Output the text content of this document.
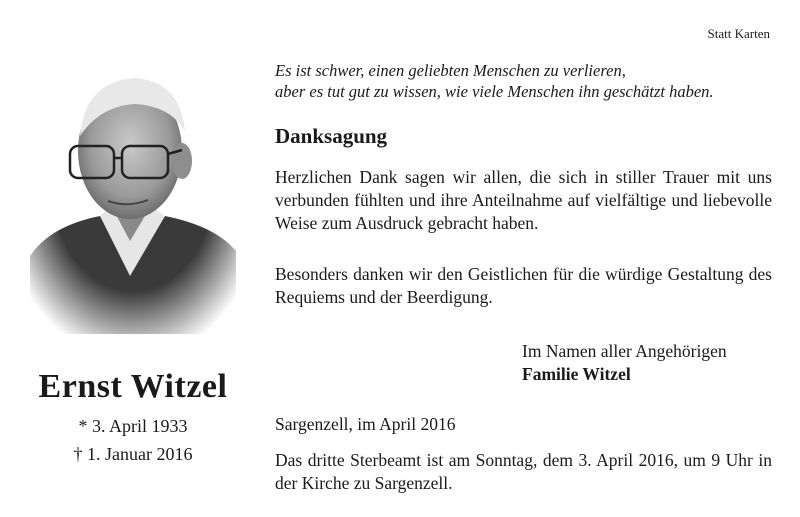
Statt Karten
Ernst Witzel
* 3. April 1933
† 1. Januar 2016
Es ist schwer, einen geliebten Menschen zu verlieren,
aber es tut gut zu wissen, wie viele Menschen ihn geschätzt haben.
Danksagung
Herzlichen Dank sagen wir allen, die sich in stiller Trauer mit uns verbunden fühlten und ihre Anteilnahme auf vielfältige und liebevolle Weise zum Ausdruck gebracht haben.
Besonders danken wir den Geistlichen für die würdige Gestaltung des Requiems und der Beerdigung.
Im Namen aller Angehörigen
Familie Witzel
Sargenzell, im April 2016
Das dritte Sterbeamt ist am Sonntag, dem 3. April 2016, um 9 Uhr in der Kirche zu Sargenzell.
